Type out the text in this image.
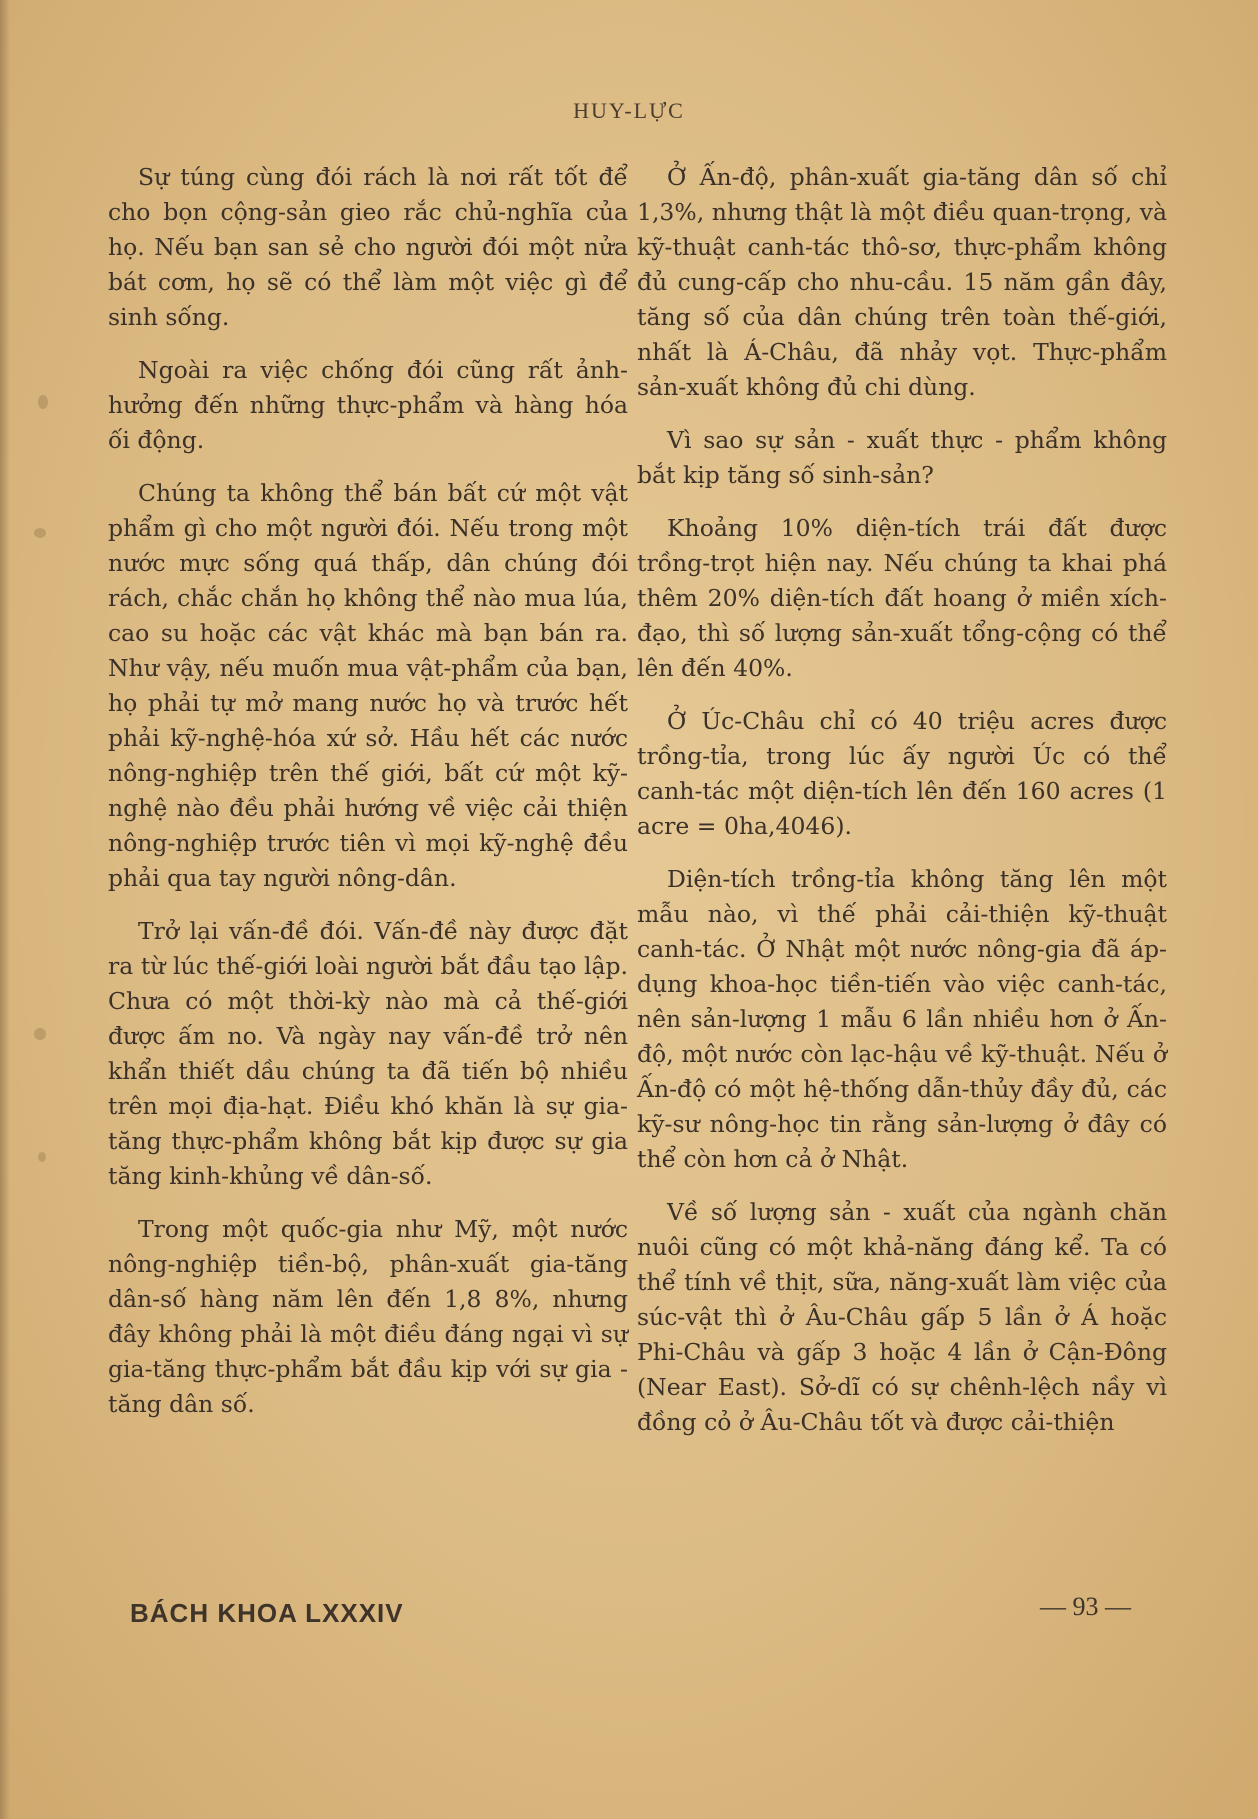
HUY-LỰC

Sự túng cùng đói rách là nơi rất tốt để cho bọn cộng-sản gieo rắc chủ-nghĩa của họ. Nếu bạn san sẻ cho người đói một nửa bát cơm, họ sẽ có thể làm một việc gì để sinh sống.

Ngoài ra việc chống đói cũng rất ảnh-hưởng đến những thực-phẩm và hàng hóa ối động.

Chúng ta không thể bán bất cứ một vật phẩm gì cho một người đói. Nếu trong một nước mực sống quá thấp, dân chúng đói rách, chắc chắn họ không thể nào mua lúa, cao su hoặc các vật khác mà bạn bán ra. Như vậy, nếu muốn mua vật-phẩm của bạn, họ phải tự mở mang nước họ và trước hết phải kỹ-nghệ-hóa xứ sở. Hầu hết các nước nông-nghiệp trên thế giới, bất cứ một kỹ-nghệ nào đều phải hướng về việc cải thiện nông-nghiệp trước tiên vì mọi kỹ-nghệ đều phải qua tay người nông-dân.

Trở lại vấn-đề đói. Vấn-đề này được đặt ra từ lúc thế-giới loài người bắt đầu tạo lập. Chưa có một thời-kỳ nào mà cả thế-giới được ấm no. Và ngày nay vấn-đề trở nên khẩn thiết dầu chúng ta đã tiến bộ nhiều trên mọi địa-hạt. Điều khó khăn là sự gia-tăng thực-phẩm không bắt kịp được sự gia tăng kinh-khủng về dân-số.

Trong một quốc-gia như Mỹ, một nước nông-nghiệp tiền-bộ, phân-xuất gia-tăng dân-số hàng năm lên đến 1,8 8%, nhưng đây không phải là một điều đáng ngại vì sự gia-tăng thực-phẩm bắt đầu kịp với sự gia - tăng dân số.

Ở Ấn-độ, phân-xuất gia-tăng dân số chỉ 1,3%, nhưng thật là một điều quan-trọng, và kỹ-thuật canh-tác thô-sơ, thực-phẩm không đủ cung-cấp cho nhu-cầu. 15 năm gần đây, tăng số của dân chúng trên toàn thế-giới, nhất là Á-Châu, đã nhảy vọt. Thực-phẩm sản-xuất không đủ chi dùng.

Vì sao sự sản - xuất thực - phẩm không bắt kịp tăng số sinh-sản?

Khoảng 10% diện-tích trái đất được trồng-trọt hiện nay. Nếu chúng ta khai phá thêm 20% diện-tích đất hoang ở miền xích-đạo, thì số lượng sản-xuất tổng-cộng có thể lên đến 40%.

Ở Úc-Châu chỉ có 40 triệu acres được trồng-tỉa, trong lúc ấy người Úc có thể canh-tác một diện-tích lên đến 160 acres (1 acre = 0ha,4046).

Diện-tích trồng-tỉa không tăng lên một mẫu nào, vì thế phải cải-thiện kỹ-thuật canh-tác. Ở Nhật một nước nông-gia đã áp-dụng khoa-học tiền-tiến vào việc canh-tác, nên sản-lượng 1 mẫu 6 lần nhiều hơn ở Ấn-độ, một nước còn lạc-hậu về kỹ-thuật. Nếu ở Ấn-độ có một hệ-thống dẫn-thủy đầy đủ, các kỹ-sư nông-học tin rằng sản-lượng ở đây có thể còn hơn cả ở Nhật.

Về số lượng sản - xuất của ngành chăn nuôi cũng có một khả-năng đáng kể. Ta có thể tính về thịt, sữa, năng-xuất làm việc của súc-vật thì ở Âu-Châu gấp 5 lần ở Á hoặc Phi-Châu và gấp 3 hoặc 4 lần ở Cận-Đông (Near East). Sở-dĩ có sự chênh-lệch nầy vì đồng cỏ ở Âu-Châu tốt và được cải-thiện

BÁCH KHOA LXXXIV	— 93 —
